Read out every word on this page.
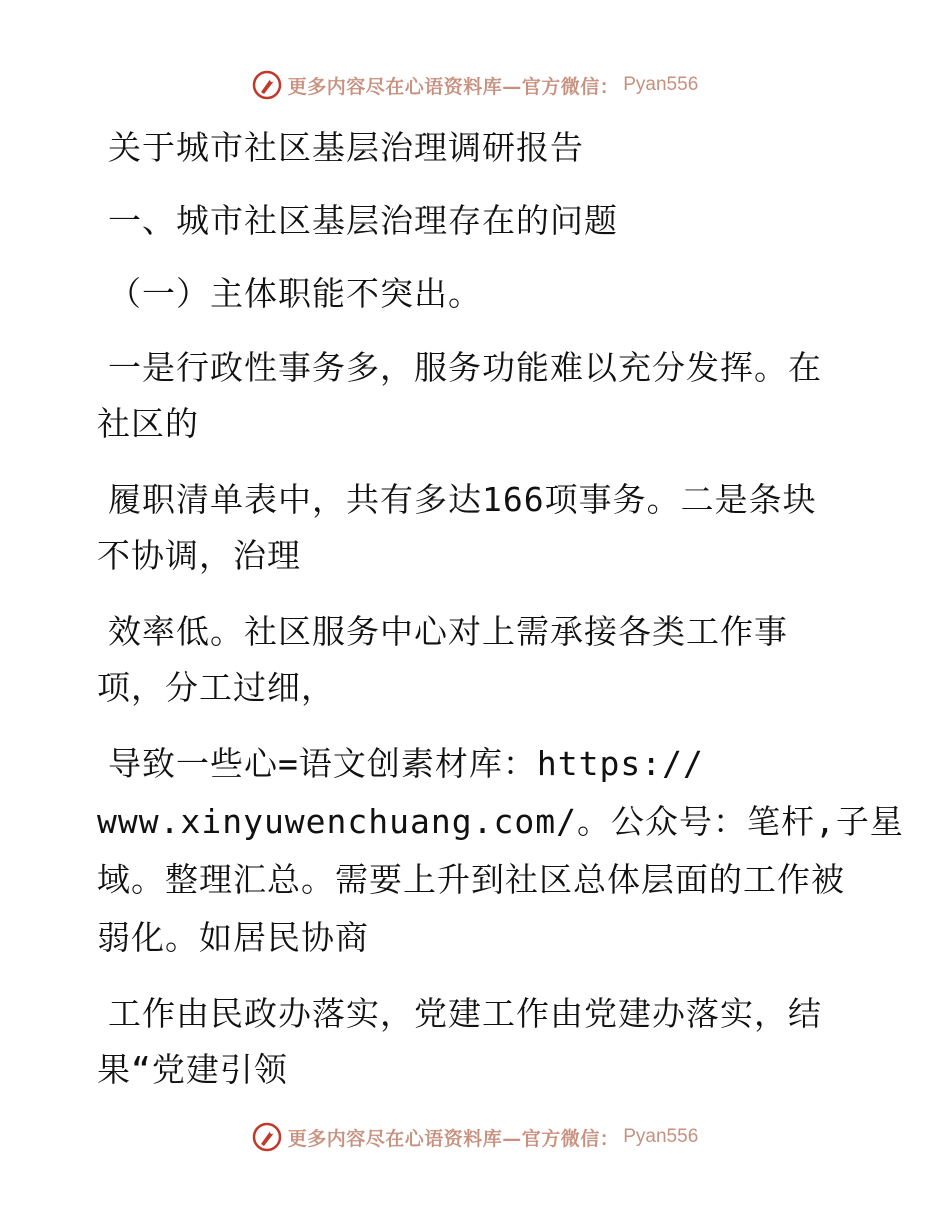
更多内容尽在心语资料库—官方微信： Pyan556
关于城市社区基层治理调研报告
一、城市社区基层治理存在的问题
（一）主体职能不突出。
一是行政性事务多，服务功能难以充分发挥。在
社区的
履职清单表中，共有多达166项事务。二是条块
不协调，治理
效率低。社区服务中心对上需承接各类工作事
项，分工过细，
导致一些心=语文创素材库：https://
www.xinyuwenchuang.com/。公众号：笔杆,子星
域。整理汇总。需要上升到社区总体层面的工作被
弱化。如居民协商
工作由民政办落实，党建工作由党建办落实，结
果“党建引领
更多内容尽在心语资料库—官方微信： Pyan556
